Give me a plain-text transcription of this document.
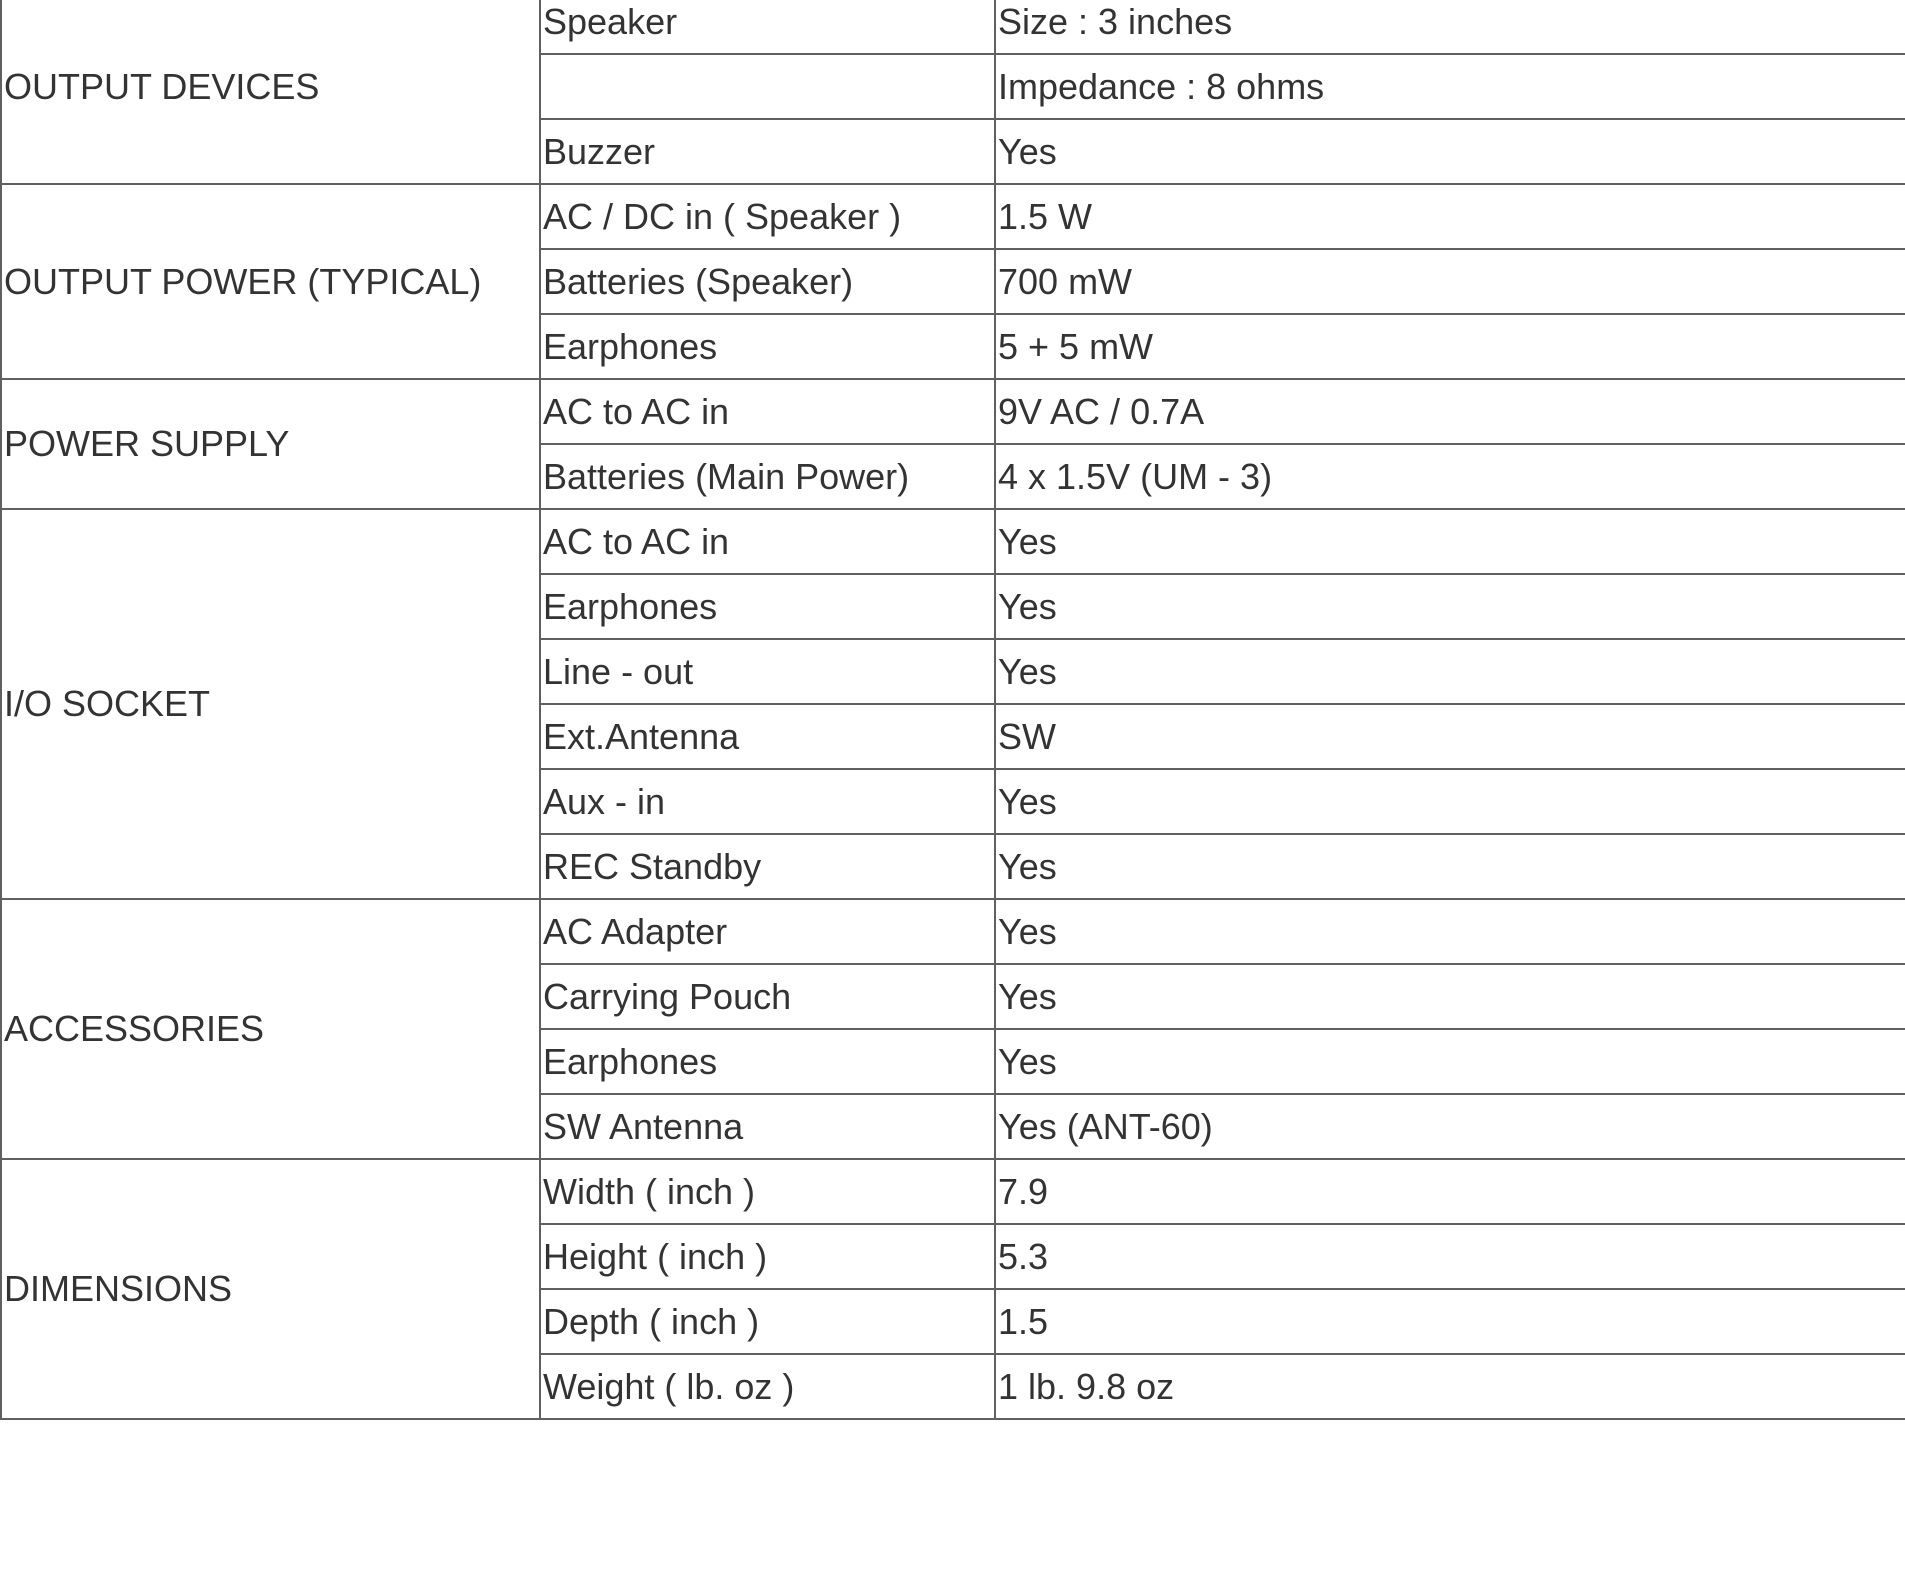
OUTPUT DEVICES	Speaker	Size : 3 inches
		Impedance : 8 ohms
	Buzzer	Yes
OUTPUT POWER (TYPICAL)	AC / DC in ( Speaker )	1.5 W
	Batteries (Speaker)	700 mW
	Earphones	5 + 5 mW
POWER SUPPLY	AC to AC in	9V AC / 0.7A
	Batteries (Main Power)	4 x 1.5V (UM - 3)
I/O SOCKET	AC to AC in	Yes
	Earphones	Yes
	Line - out	Yes
	Ext.Antenna	SW
	Aux - in	Yes
	REC Standby	Yes
ACCESSORIES	AC Adapter	Yes
	Carrying Pouch	Yes
	Earphones	Yes
	SW Antenna	Yes (ANT-60)
DIMENSIONS	Width ( inch )	7.9
	Height ( inch )	5.3
	Depth ( inch )	1.5
	Weight ( lb. oz )	1 lb. 9.8 oz
